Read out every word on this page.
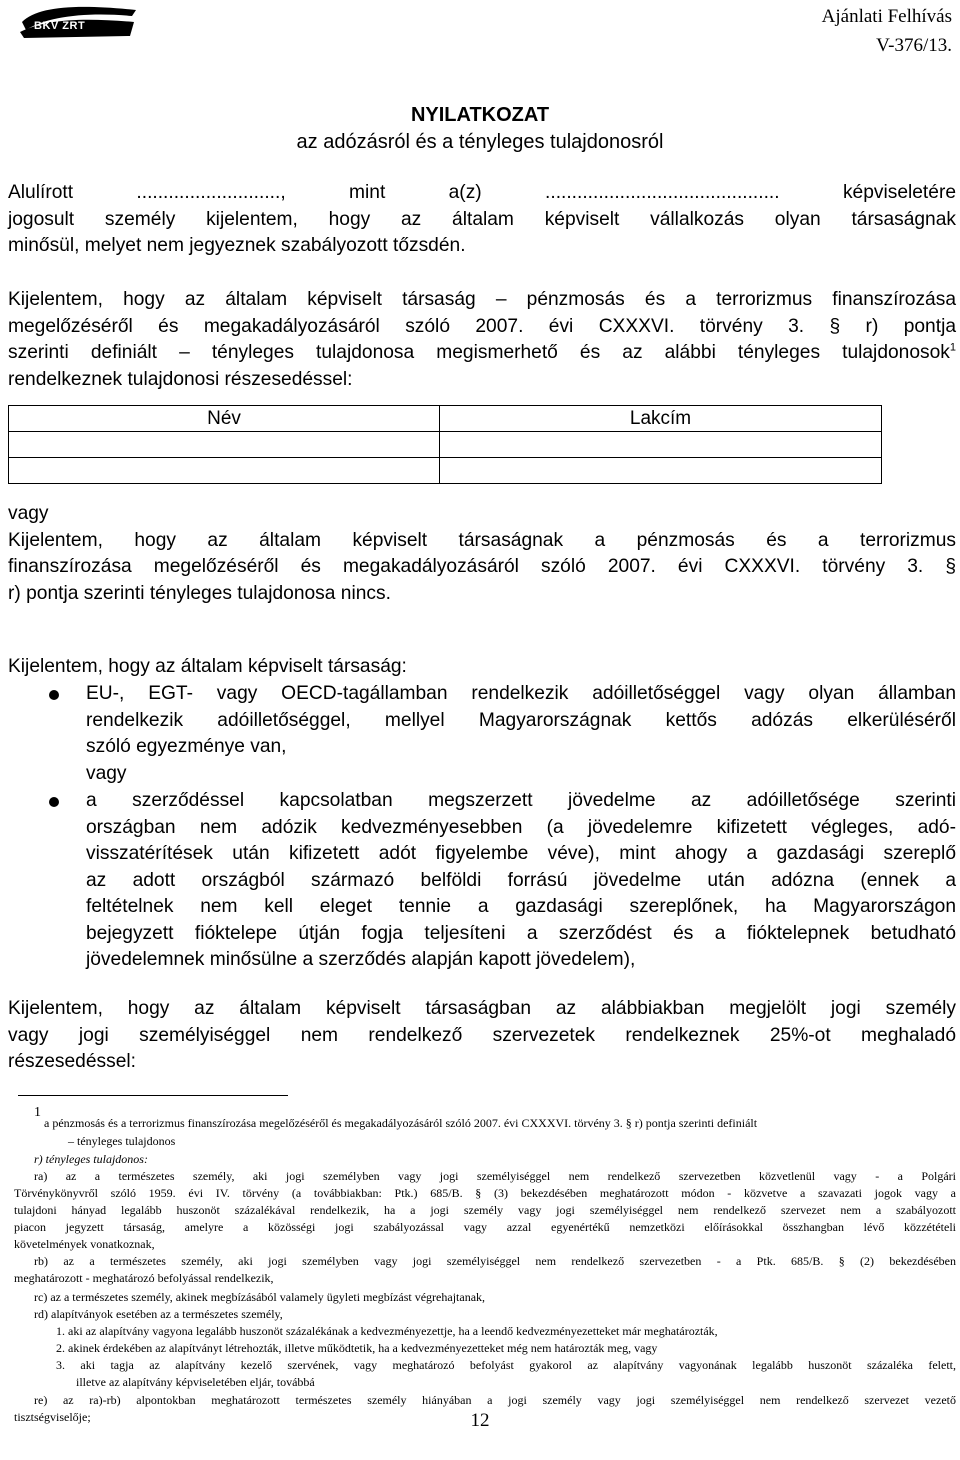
BKV ZRT	Ajánlati Felhívás
V-376/13.
NYILATKOZAT
az adózásról és a tényleges tulajdonosról
Alulírott ..........................., mint a(z) ............................................ képviseletére
jogosult személy kijelentem, hogy az általam képviselt vállalkozás olyan társaságnak
minősül, melyet nem jegyeznek szabályozott tőzsdén.
Kijelentem, hogy az általam képviselt társaság – pénzmosás és a terrorizmus finanszírozása
megelőzéséről és megakadályozásáról szóló 2007. évi CXXXVI. törvény 3. § r) pontja
szerinti definiált – tényleges tulajdonosa megismerhető és az alábbi tényleges tulajdonosok$^1$
rendelkeznek tulajdonosi részesedéssel:
Név	Lakcím

vagy
Kijelentem, hogy az általam képviselt társaságnak a pénzmosás és a terrorizmus
finanszírozása megelőzéséről és megakadályozásáról szóló 2007. évi CXXXVI. törvény 3. §
r) pontja szerinti tényleges tulajdonosa nincs.
Kijelentem, hogy az általam képviselt társaság:
EU-, EGT- vagy OECD-tagállamban rendelkezik adóilletőséggel vagy olyan államban
rendelkezik adóilletőséggel, mellyel Magyarországnak kettős adózás elkerüléséről
szóló egyezménye van,
vagy
a szerződéssel kapcsolatban megszerzett jövedelme az adóilletősége szerinti
országban nem adózik kedvezményesebben (a jövedelemre kifizetett végleges, adó-
visszatérítések után kifizetett adót figyelembe véve), mint ahogy a gazdasági szereplő
az adott országból származó belföldi forrású jövedelme után adózna (ennek a
feltételnek nem kell eleget tennie a gazdasági szereplőnek, ha Magyarországon
bejegyzett fióktelepe útján fogja teljesíteni a szerződést és a fióktelepnek betudható
jövedelemnek minősülne a szerződés alapján kapott jövedelem),
Kijelentem, hogy az általam képviselt társaságban az alábbiakban megjelölt jogi személy
vagy jogi személyiséggel nem rendelkező szervezetek rendelkeznek 25%-ot meghaladó
részesedéssel:
1
a pénzmosás és a terrorizmus finanszírozása megelőzéséről és megakadályozásáról szóló 2007. évi CXXXVI. törvény 3. § r) pontja szerinti definiált
– tényleges tulajdonos
r) tényleges tulajdonos:
ra) az a természetes személy, aki jogi személyben vagy jogi személyiséggel nem rendelkező szervezetben közvetlenül vagy - a Polgári
Törvénykönyvről szóló 1959. évi IV. törvény (a továbbiakban: Ptk.) 685/B. § (3) bekezdésében meghatározott módon - közvetve a szavazati jogok vagy a
tulajdoni hányad legalább huszonöt százalékával rendelkezik, ha a jogi személy vagy jogi személyiséggel nem rendelkező szervezet nem a szabályozott
piacon jegyzett társaság, amelyre a közösségi jogi szabályozással vagy azzal egyenértékű nemzetközi előírásokkal összhangban lévő közzétételi
követelmények vonatkoznak,
rb) az a természetes személy, aki jogi személyben vagy jogi személyiséggel nem rendelkező szervezetben - a Ptk. 685/B. § (2) bekezdésében
meghatározott - meghatározó befolyással rendelkezik,
rc) az a természetes személy, akinek megbízásából valamely ügyleti megbízást végrehajtanak,
rd) alapítványok esetében az a természetes személy,
1. aki az alapítvány vagyona legalább huszonöt százalékának a kedvezményezettje, ha a leendő kedvezményezetteket már meghatározták,
2. akinek érdekében az alapítványt létrehozták, illetve működtetik, ha a kedvezményezetteket még nem határozták meg, vagy
3. aki tagja az alapítvány kezelő szervének, vagy meghatározó befolyást gyakorol az alapítvány vagyonának legalább huszonöt százaléka felett,
illetve az alapítvány képviseletében eljár, továbbá
re) az ra)-rb) alpontokban meghatározott természetes személy hiányában a jogi személy vagy jogi személyiséggel nem rendelkező szervezet vezető
tisztségviselője;	12
